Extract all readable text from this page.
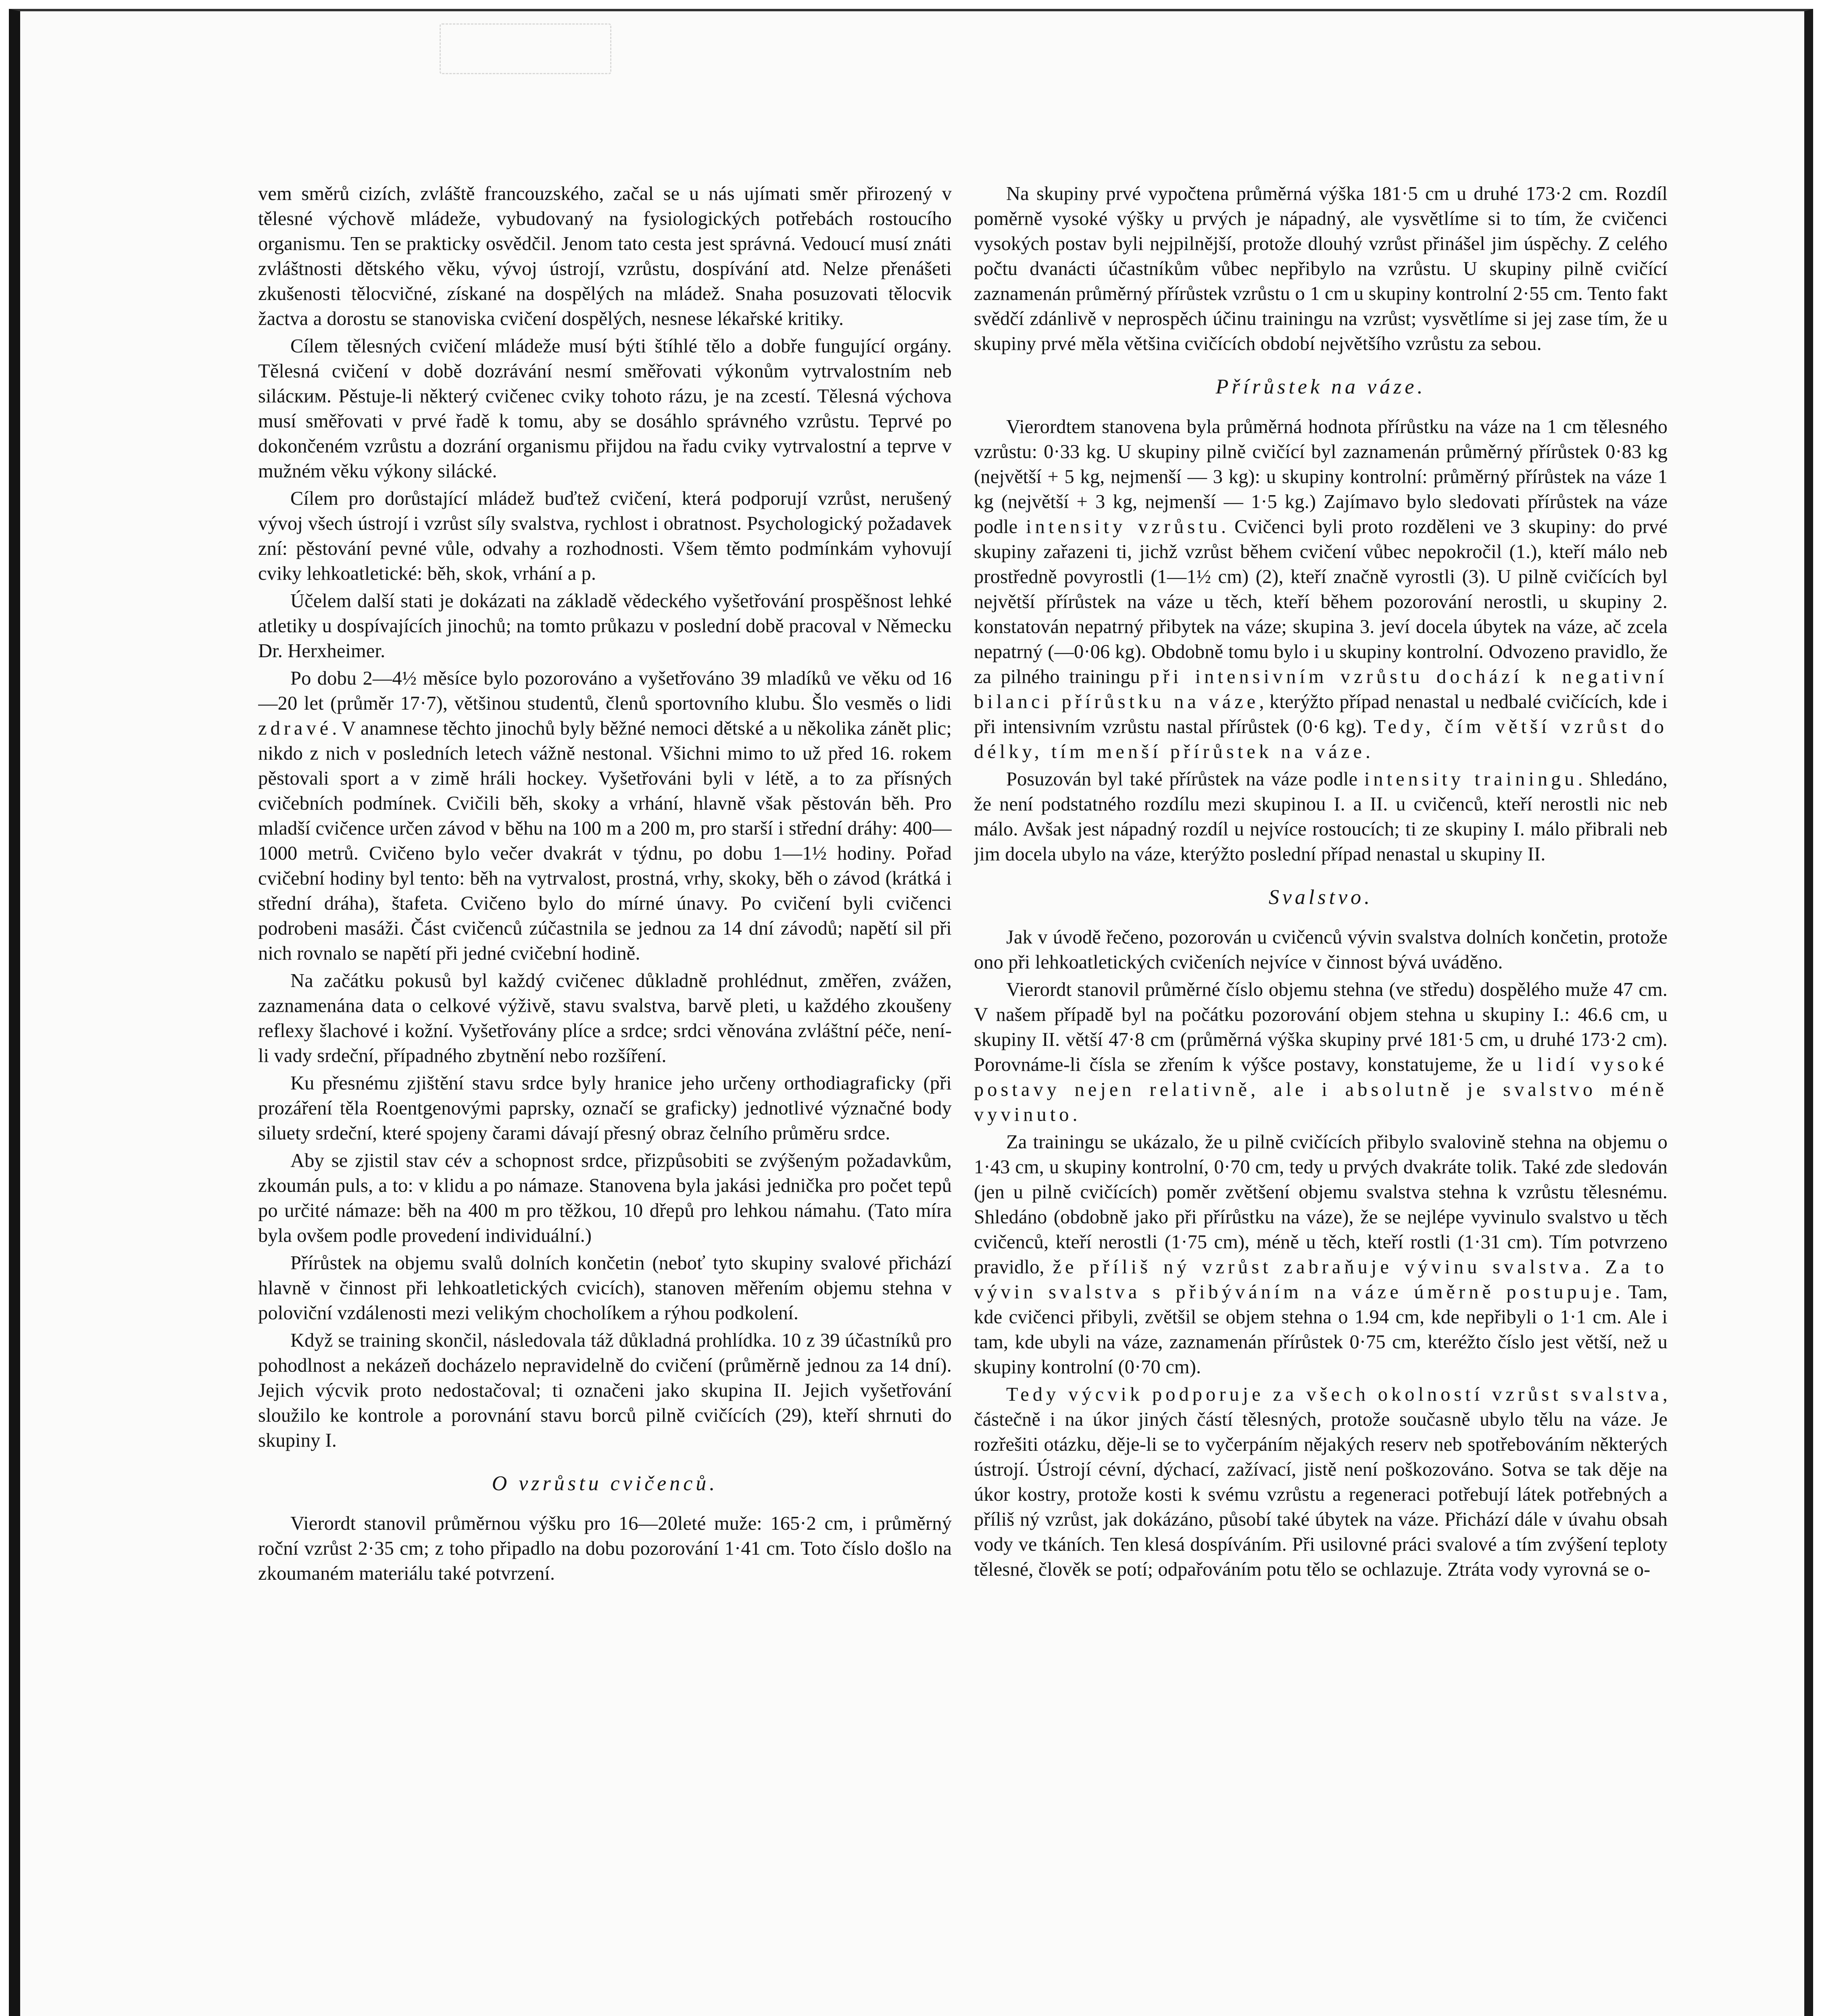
vem směrů cizích, zvláště francouzského, začal se u nás ujímati směr přirozený v tělesné výchově mládeže, vybudovaný na fysiologických potřebách rostoucího organismu. Ten se prakticky osvědčil. Jenom tato cesta jest správná. Vedoucí musí znáti zvláštnosti dětského věku, vývoj ústrojí, vzrůstu, dospívání atd. Nelze přenášeti zkušenosti tělocvičné, získané na dospělých na mládež. Snaha posuzovati tělocvik žactva a dorostu se stanoviska cvičení dospělých, nesnese lékařské kritiky.

Cílem tělesných cvičení mládeže musí býti štíhlé tělo a dobře fungující orgány. Tělesná cvičení v době dozrávání nesmí směřovati výkonům vytrvalostním neb silácким. Pěstuje-li některý cvičenec cviky tohoto rázu, je na zcestí. Tělesná výchova musí směřovati v prvé řadě k tomu, aby se dosáhlo správného vzrůstu. Teprvé po dokončeném vzrůstu a dozrání organismu přijdou na řadu cviky vytrvalostní a teprve v mužném věku výkony silácké.

Cílem pro dorůstající mládež buďtež cvičení, která podporují vzrůst, nerušený vývoj všech ústrojí i vzrůst síly svalstva, rychlost i obratnost. Psychologický požadavek zní: pěstování pevné vůle, odvahy a rozhodnosti. Všem těmto podmínkám vyhovují cviky lehkoatletické: běh, skok, vrhání a p.

Účelem další stati je dokázati na základě vědeckého vyšetřování prospěšnost lehké atletiky u dospívajících jinochů; na tomto průkazu v poslední době pracoval v Německu Dr. Herxheimer.

Po dobu 2—4½ měsíce bylo pozorováno a vyšetřováno 39 mladíků ve věku od 16—20 let (průměr 17·7), většinou studentů, členů sportovního klubu. Šlo vesměs o lidi zdravé. V anamnese těchto jinochů byly běžné nemoci dětské a u několika zánět plic; nikdo z nich v posledních letech vážně nestonal. Všichni mimo to už před 16. rokem pěstovali sport a v zimě hráli hockey. Vyšetřováni byli v létě, a to za přísných cvičebních podmínek. Cvičili běh, skoky a vrhání, hlavně však pěstován běh. Pro mladší cvičence určen závod v běhu na 100 m a 200 m, pro starší i střední dráhy: 400—1000 metrů. Cvičeno bylo večer dvakrát v týdnu, po dobu 1—1½ hodiny. Pořad cvičební hodiny byl tento: běh na vytrvalost, prostná, vrhy, skoky, běh o závod (krátká i střední dráha), štafeta. Cvičeno bylo do mírné únavy. Po cvičení byli cvičenci podrobeni masáži. Část cvičenců zúčastnila se jednou za 14 dní závodů; napětí sil při nich rovnalo se napětí při jedné cvičební hodině.

Na začátku pokusů byl každý cvičenec důkladně prohlédnut, změřen, zvážen, zaznamenána data o celkové výživě, stavu svalstva, barvě pleti, u každého zkoušeny reflexy šlachové i kožní. Vyšetřovány plíce a srdce; srdci věnována zvláštní péče, není-li vady srdeční, případného zbytnění nebo rozšíření.

Ku přesnému zjištění stavu srdce byly hranice jeho určeny orthodiagraficky (při prozáření těla Roentgenovými paprsky, označí se graficky) jednotlivé význačné body siluety srdeční, které spojeny čarami dávají přesný obraz čelního průměru srdce.

Aby se zjistil stav cév a schopnost srdce, přizpůsobiti se zvýšeným požadavkům, zkoumán puls, a to: v klidu a po námaze. Stanovena byla jakási jednička pro počet tepů po určité námaze: běh na 400 m pro těžkou, 10 dřepů pro lehkou námahu. (Tato míra byla ovšem podle provedení individuální.)

Přírůstek na objemu svalů dolních končetin (neboť tyto skupiny svalové přichází hlavně v činnost při lehkoatletických cvicích), stanoven měřením objemu stehna v poloviční vzdálenosti mezi velikým chocholíkem a rýhou podkolení.

Když se training skončil, následovala táž důkladná prohlídka. 10 z 39 účastníků pro pohodlnost a nekázeň docházelo nepravidelně do cvičení (průměrně jednou za 14 dní). Jejich výcvik proto nedostačoval; ti označeni jako skupina II. Jejich vyšetřování sloužilo ke kontrole a porovnání stavu borců pilně cvičících (29), kteří shrnuti do skupiny I.

O vzrůstu cvičenců.

Vierordt stanovil průměrnou výšku pro 16—20leté muže: 165·2 cm, i průměrný roční vzrůst 2·35 cm; z toho připadlo na dobu pozorování 1·41 cm. Toto číslo došlo na zkoumaném materiálu také potvrzení.

Na skupiny prvé vypočtena průměrná výška 181·5 cm u druhé 173·2 cm. Rozdíl poměrně vysoké výšky u prvých je nápadný, ale vysvětlíme si to tím, že cvičenci vysokých postav byli nejpilnější, protože dlouhý vzrůst přinášel jim úspěchy. Z celého počtu dvanácti účastníkům vůbec nepřibylo na vzrůstu. U skupiny pilně cvičící zaznamenán průměrný přírůstek vzrůstu o 1 cm u skupiny kontrolní 2·55 cm. Tento fakt svědčí zdánlivě v neprospěch účinu trainingu na vzrůst; vysvětlíme si jej zase tím, že u skupiny prvé měla většina cvičících období největšího vzrůstu za sebou.

Přírůstek na váze.

Vierordtem stanovena byla průměrná hodnota přírůstku na váze na 1 cm tělesného vzrůstu: 0·33 kg. U skupiny pilně cvičící byl zaznamenán průměrný přírůstek 0·83 kg (největší + 5 kg, nejmenší — 3 kg): u skupiny kontrolní: průměrný přírůstek na váze 1 kg (největší + 3 kg, nejmenší — 1·5 kg.) Zajímavo bylo sledovati přírůstek na váze podle intensity vzrůstu. Cvičenci byli proto rozděleni ve 3 skupiny: do prvé skupiny zařazeni ti, jichž vzrůst během cvičení vůbec nepokročil (1.), kteří málo neb prostředně povyrostli (1—1½ cm) (2), kteří značně vyrostli (3). U pilně cvičících byl největší přírůstek na váze u těch, kteří během pozorování nerostli, u skupiny 2. konstatován nepatrný přibytek na váze; skupina 3. jeví docela úbytek na váze, ač zcela nepatrný (—0·06 kg). Obdobně tomu bylo i u skupiny kontrolní. Odvozeno pravidlo, že za pilného trainingu při intensivním vzrůstu dochází k negativní bilanci přírůstku na váze, kterýžto případ nenastal u nedbalé cvičících, kde i při intensivním vzrůstu nastal přírůstek (0·6 kg). Tedy, čím větší vzrůst do délky, tím menší přírůstek na váze.

Posuzován byl také přírůstek na váze podle intensity trainingu. Shledáno, že není podstatného rozdílu mezi skupinou I. a II. u cvičenců, kteří nerostli nic neb málo. Avšak jest nápadný rozdíl u nejvíce rostoucích; ti ze skupiny I. málo přibrali neb jim docela ubylo na váze, kterýžto poslední případ nenastal u skupiny II.

Svalstvo.

Jak v úvodě řečeno, pozorován u cvičenců vývin svalstva dolních končetin, protože ono při lehkoatletických cvičeních nejvíce v činnost bývá uváděno.

Vierordt stanovil průměrné číslo objemu stehna (ve středu) dospělého muže 47 cm. V našem případě byl na počátku pozorování objem stehna u skupiny I.: 46.6 cm, u skupiny II. větší 47·8 cm (průměrná výška skupiny prvé 181·5 cm, u druhé 173·2 cm). Porovnáme-li čísla se zřením k výšce postavy, konstatujeme, že u lidí vysoké postavy nejen relativně, ale i absolutně je svalstvo méně vyvinuto.

Za trainingu se ukázalo, že u pilně cvičících přibylo svalovině stehna na objemu o 1·43 cm, u skupiny kontrolní, 0·70 cm, tedy u prvých dvakráte tolik. Také zde sledován (jen u pilně cvičících) poměr zvětšení objemu svalstva stehna k vzrůstu tělesnému. Shledáno (obdobně jako při přírůstku na váze), že se nejlépe vyvinulo svalstvo u těch cvičenců, kteří nerostli (1·75 cm), méně u těch, kteří rostli (1·31 cm). Tím potvrzeno pravidlo, že příliš ný vzrůst zabraňuje vývinu svalstva. Za to vývin svalstva s přibýváním na váze úměrně postupuje. Tam, kde cvičenci přibyli, zvětšil se objem stehna o 1.94 cm, kde nepřibyli o 1·1 cm. Ale i tam, kde ubyli na váze, zaznamenán přírůstek 0·75 cm, kteréžto číslo jest větší, než u skupiny kontrolní (0·70 cm).

Tedy výcvik podporuje za všech okolností vzrůst svalstva, částečně i na úkor jiných částí tělesných, protože současně ubylo tělu na váze. Je rozřešiti otázku, děje-li se to vyčerpáním nějakých reserv neb spotřebováním některých ústrojí. Ústrojí cévní, dýchací, zažívací, jistě není poškozováno. Sotva se tak děje na úkor kostry, protože kosti k svému vzrůstu a regeneraci potřebují látek potřebných a příliš ný vzrůst, jak dokázáno, působí také úbytek na váze. Přichází dále v úvahu obsah vody ve tkáních. Ten klesá dospíváním. Při usilovné práci svalové a tím zvýšení teploty tělesné, člověk se potí; odpařováním potu tělo se ochlazuje. Ztráta vody vyrovná se o-
